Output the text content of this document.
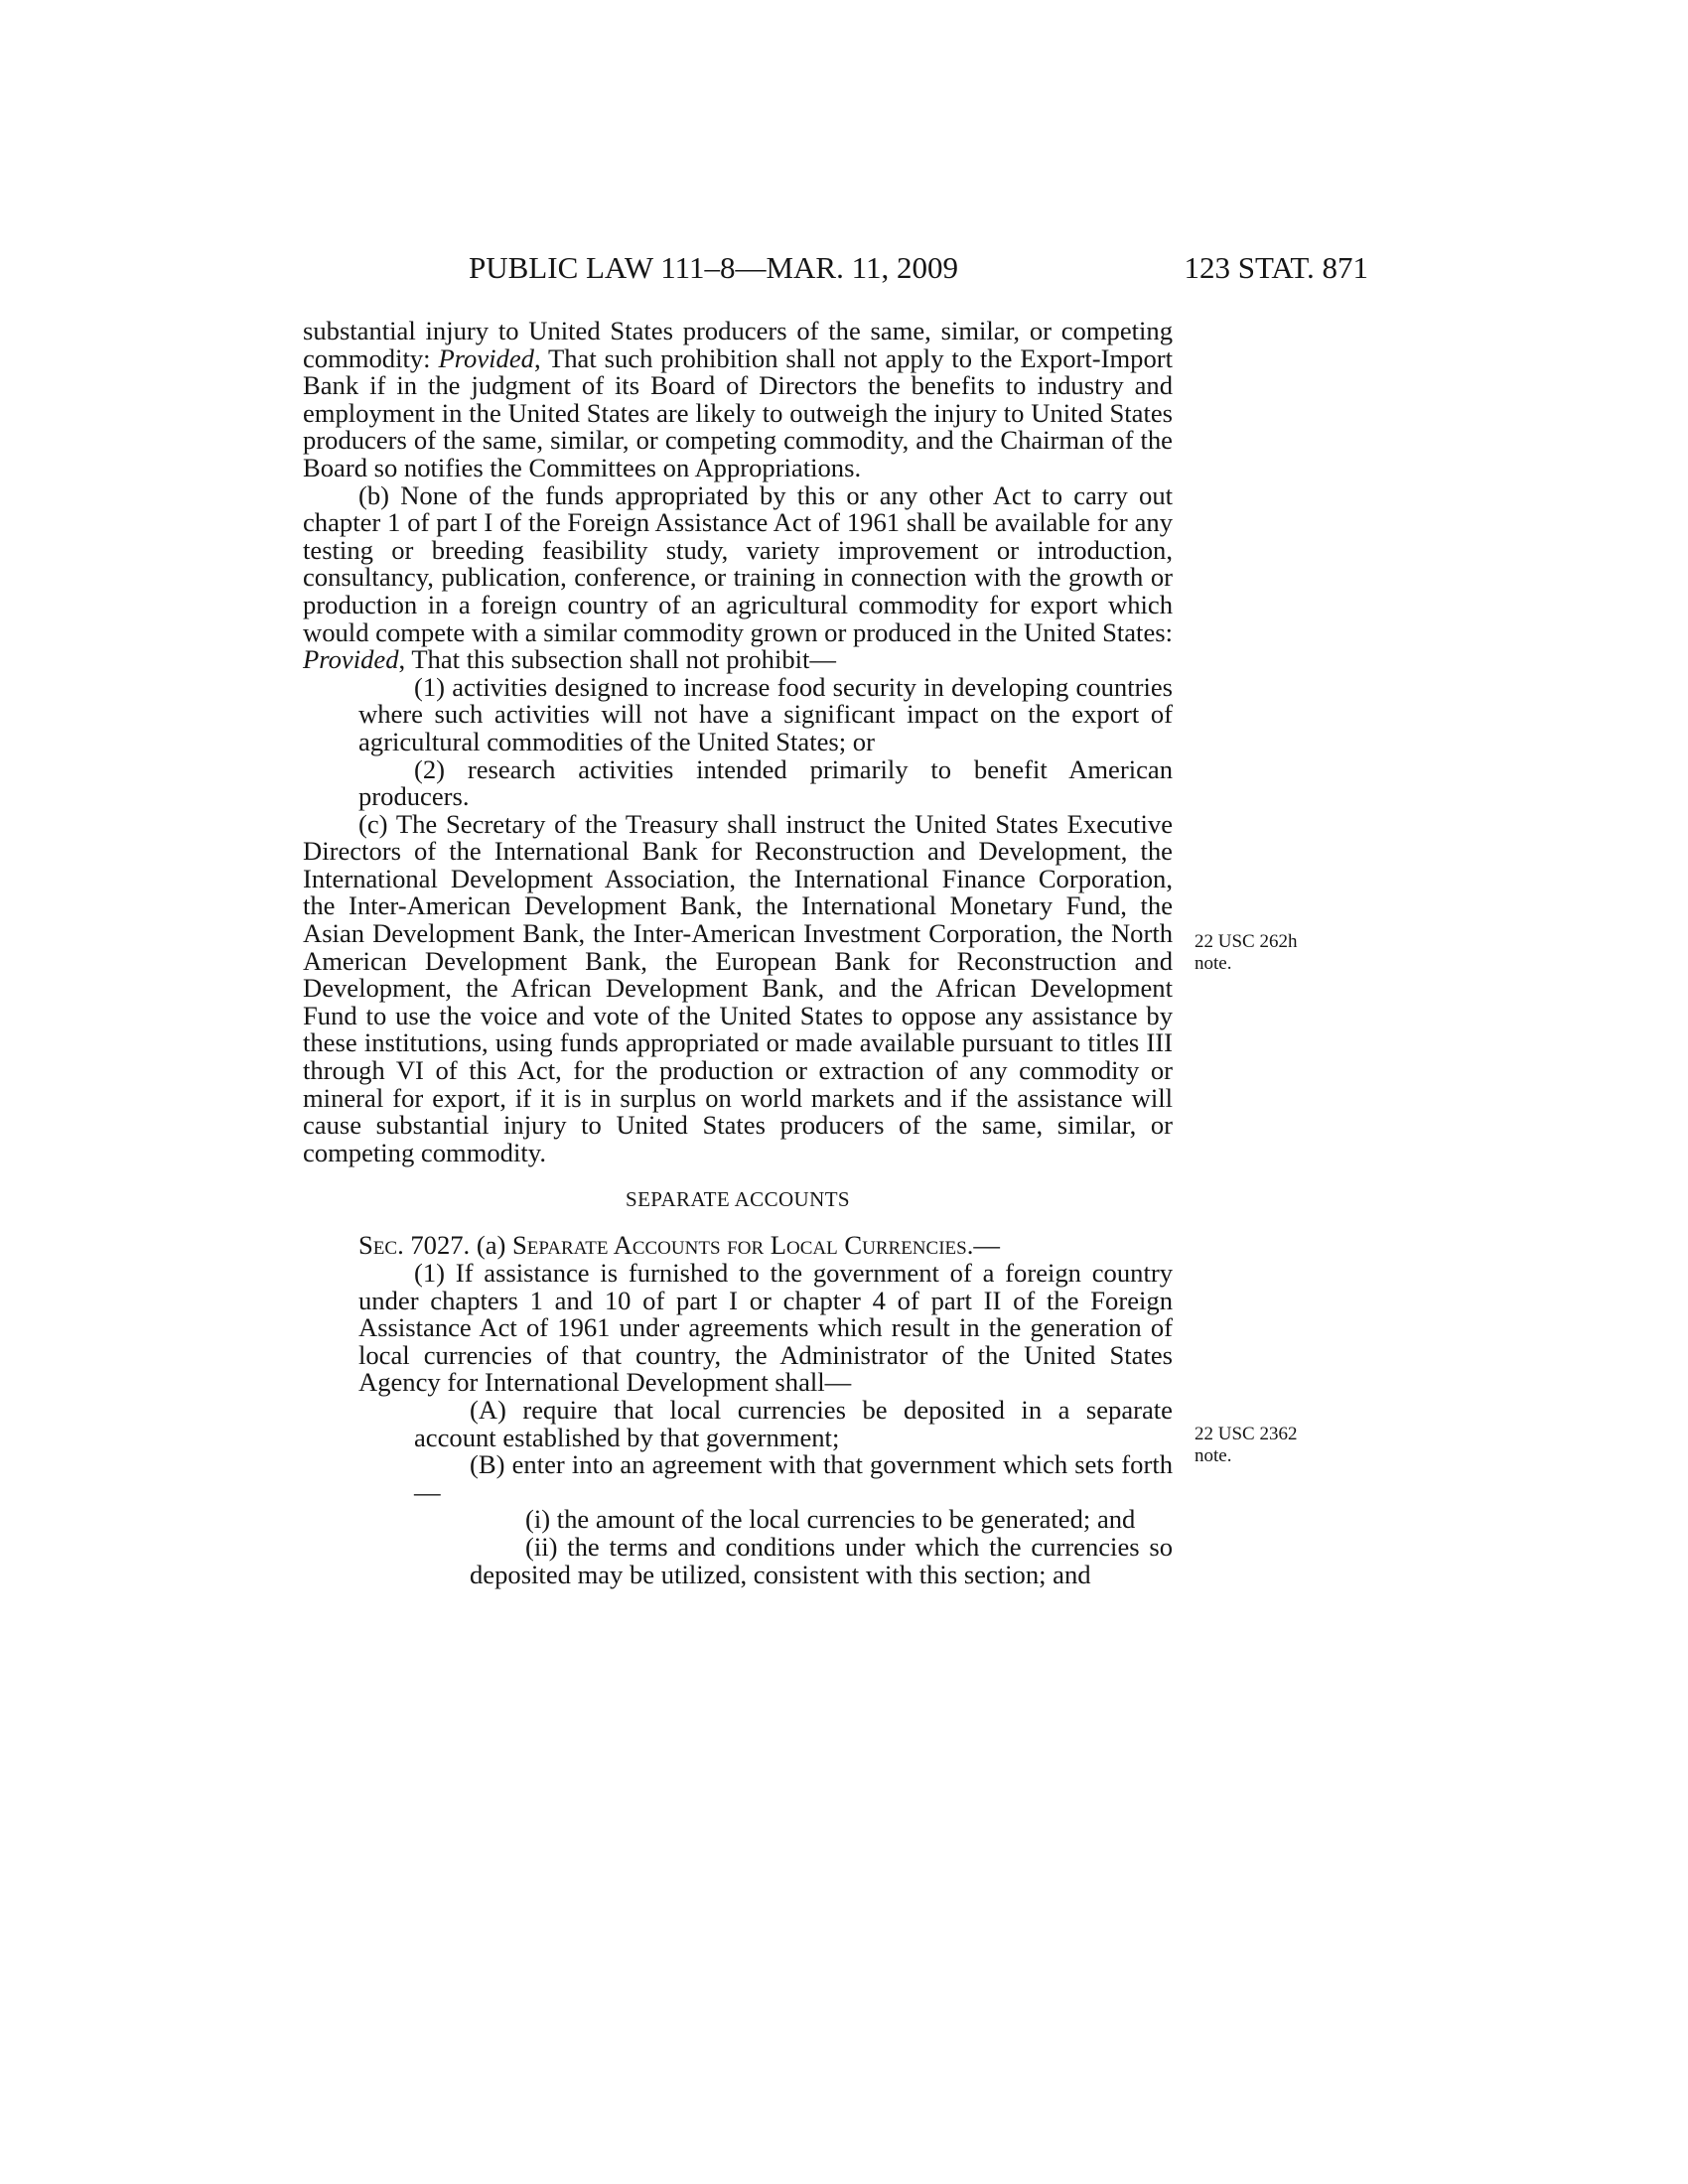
PUBLIC LAW 111–8—MAR. 11, 2009	123 STAT. 871

substantial injury to United States producers of the same, similar, or competing commodity: Provided, That such prohibition shall not apply to the Export-Import Bank if in the judgment of its Board of Directors the benefits to industry and employment in the United States are likely to outweigh the injury to United States producers of the same, similar, or competing commodity, and the Chairman of the Board so notifies the Committees on Appropriations.

(b) None of the funds appropriated by this or any other Act to carry out chapter 1 of part I of the Foreign Assistance Act of 1961 shall be available for any testing or breeding feasibility study, variety improvement or introduction, consultancy, publication, conference, or training in connection with the growth or production in a foreign country of an agricultural commodity for export which would compete with a similar commodity grown or produced in the United States: Provided, That this subsection shall not prohibit—

(1) activities designed to increase food security in developing countries where such activities will not have a significant impact on the export of agricultural commodities of the United States; or

(2) research activities intended primarily to benefit American producers.

(c) The Secretary of the Treasury shall instruct the United States Executive Directors of the International Bank for Reconstruction and Development, the International Development Association, the International Finance Corporation, the Inter-American Development Bank, the International Monetary Fund, the Asian Development Bank, the Inter-American Investment Corporation, the North American Development Bank, the European Bank for Reconstruction and Development, the African Development Bank, and the African Development Fund to use the voice and vote of the United States to oppose any assistance by these institutions, using funds appropriated or made available pursuant to titles III through VI of this Act, for the production or extraction of any commodity or mineral for export, if it is in surplus on world markets and if the assistance will cause substantial injury to United States producers of the same, similar, or competing commodity.

SEPARATE ACCOUNTS

Sec. 7027. (a) Separate Accounts for Local Currencies.—

(1) If assistance is furnished to the government of a foreign country under chapters 1 and 10 of part I or chapter 4 of part II of the Foreign Assistance Act of 1961 under agreements which result in the generation of local currencies of that country, the Administrator of the United States Agency for International Development shall—

(A) require that local currencies be deposited in a separate account established by that government;

(B) enter into an agreement with that government which sets forth—

(i) the amount of the local currencies to be generated; and

(ii) the terms and conditions under which the currencies so deposited may be utilized, consistent with this section; and

22 USC 262h
note.
22 USC 2362
note.
